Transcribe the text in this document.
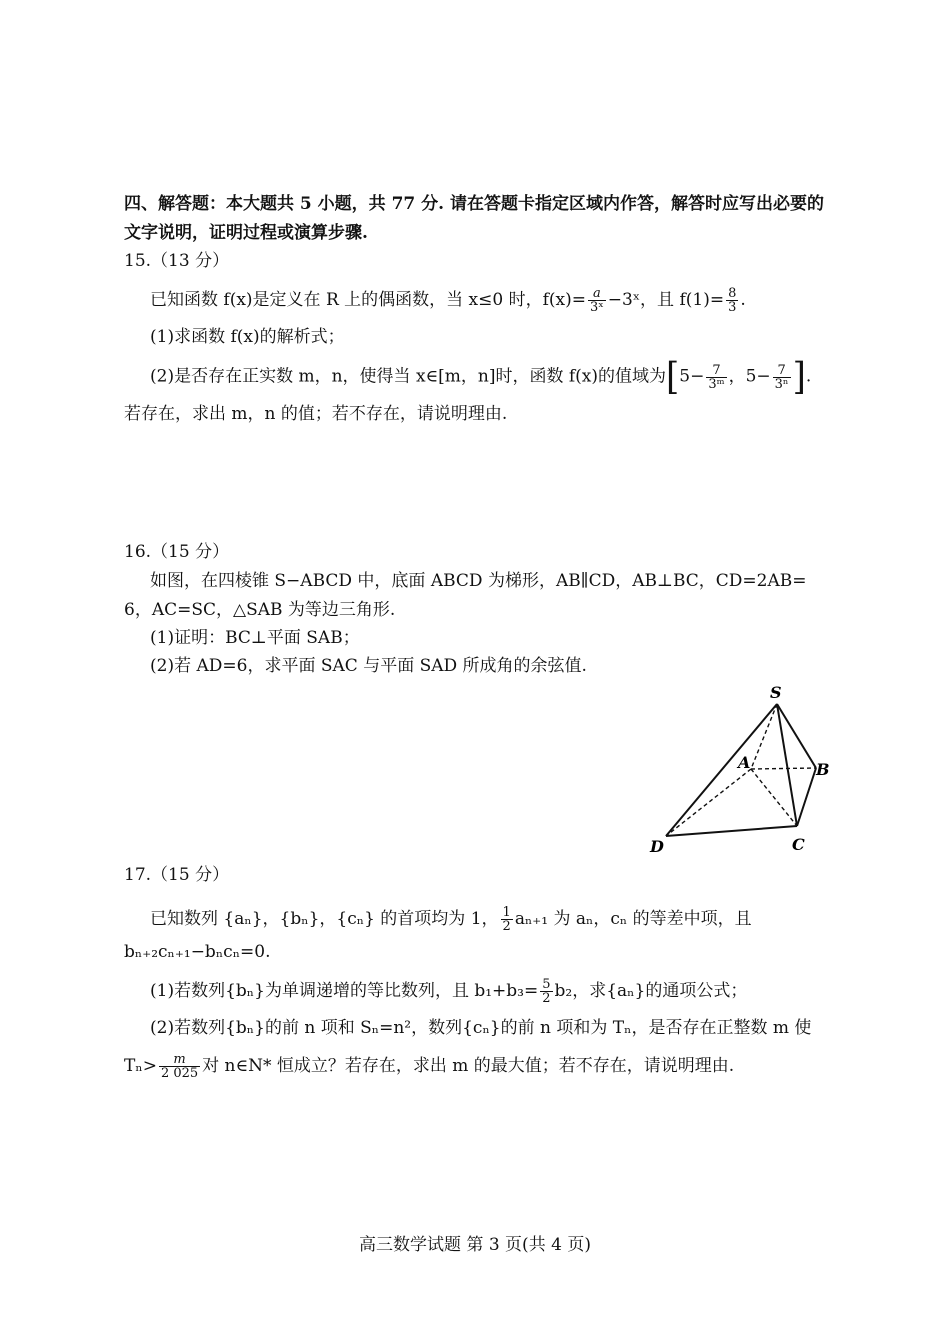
四、解答题：本大题共 5 小题，共 77 分. 请在答题卡指定区域内作答，解答时应写出必要的
文字说明，证明过程或演算步骤.
15.（13 分）
已知函数 f(x)是定义在 R 上的偶函数，当 x≤0 时，$f(x)= \frac{a}{\text{3ˣ}}$ −3ˣ，且 $f(1)= \frac{8}{3}$ .
(1)求函数 f(x)的解析式；
(2)是否存在正实数 m，n，使得当 x∈[m，n]时，函数 f(x)的值域为[$5- \frac{7}{\text{3ᵐ}}$ ，$5- \frac{7}{\text{3ⁿ}}$ ].
若存在，求出 m，n 的值；若不存在，请说明理由.
16.（15 分）
如图，在四棱锥 S−ABCD 中，底面 ABCD 为梯形，AB∥CD，AB⊥BC，CD=2AB=
6，AC=SC，△SAB 为等边三角形.
(1)证明：BC⊥平面 SAB；
(2)若 AD=6，求平面 SAC 与平面 SAD 所成角的余弦值.
S
A	B
C
D
17.（15 分）
已知数列 {aₙ}，{bₙ}，{cₙ} 的首项均为 1， $\frac{1}{2} a_{n+1}$ 为 aₙ，cₙ 的等差中项，且
bₙ₊₂cₙ₊₁−bₙcₙ=0.
(1)若数列{bₙ}为单调递增的等比数列，且 $b_1+b_3= \frac{5}{2} b_2$，求{aₙ}的通项公式；
(2)若数列{bₙ}的前 n 项和 Sₙ=n²，数列{cₙ}的前 n 项和为 Tₙ，是否存在正整数 m 使
$T_n> \frac{m}{2 025}$ 对 n∈N* 恒成立？若存在，求出 m 的最大值；若不存在，请说明理由.
高三数学试题 第 3 页(共 4 页)
